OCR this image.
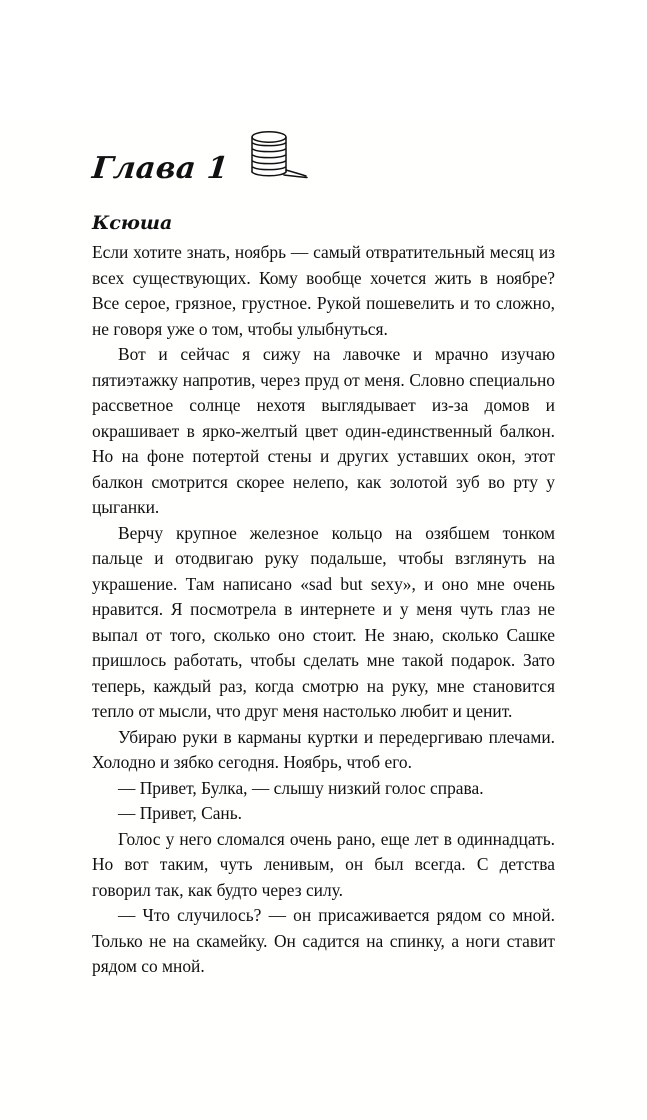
Глава 1
Ксюша

Если хотите знать, ноябрь — самый отвратительный месяц из всех существующих. Кому вообще хочется жить в ноябре? Все серое, грязное, грустное. Рукой пошевелить и то сложно, не говоря уже о том, чтобы улыбнуться.

Вот и сейчас я сижу на лавочке и мрачно изучаю пятиэтажку напротив, через пруд от меня. Словно специально рассветное солнце нехотя выглядывает из-за домов и окрашивает в ярко-желтый цвет один-единственный балкон. Но на фоне потертой стены и других уставших окон, этот балкон смотрится скорее нелепо, как золотой зуб во рту у цыганки.

Верчу крупное железное кольцо на озябшем тонком пальце и отодвигаю руку подальше, чтобы взглянуть на украшение. Там написано «sad but sexy», и оно мне очень нравится. Я посмотрела в интернете и у меня чуть глаз не выпал от того, сколько оно стоит. Не знаю, сколько Сашке пришлось работать, чтобы сделать мне такой подарок. Зато теперь, каждый раз, когда смотрю на руку, мне становится тепло от мысли, что друг меня настолько любит и ценит.

Убираю руки в карманы куртки и передергиваю плечами. Холодно и зябко сегодня. Ноябрь, чтоб его.

— Привет, Булка, — слышу низкий голос справа.

— Привет, Сань.

Голос у него сломался очень рано, еще лет в одиннадцать. Но вот таким, чуть ленивым, он был всегда. С детства говорил так, как будто через силу.

— Что случилось? — он присаживается рядом со мной. Только не на скамейку. Он садится на спинку, а ноги ставит рядом со мной.
